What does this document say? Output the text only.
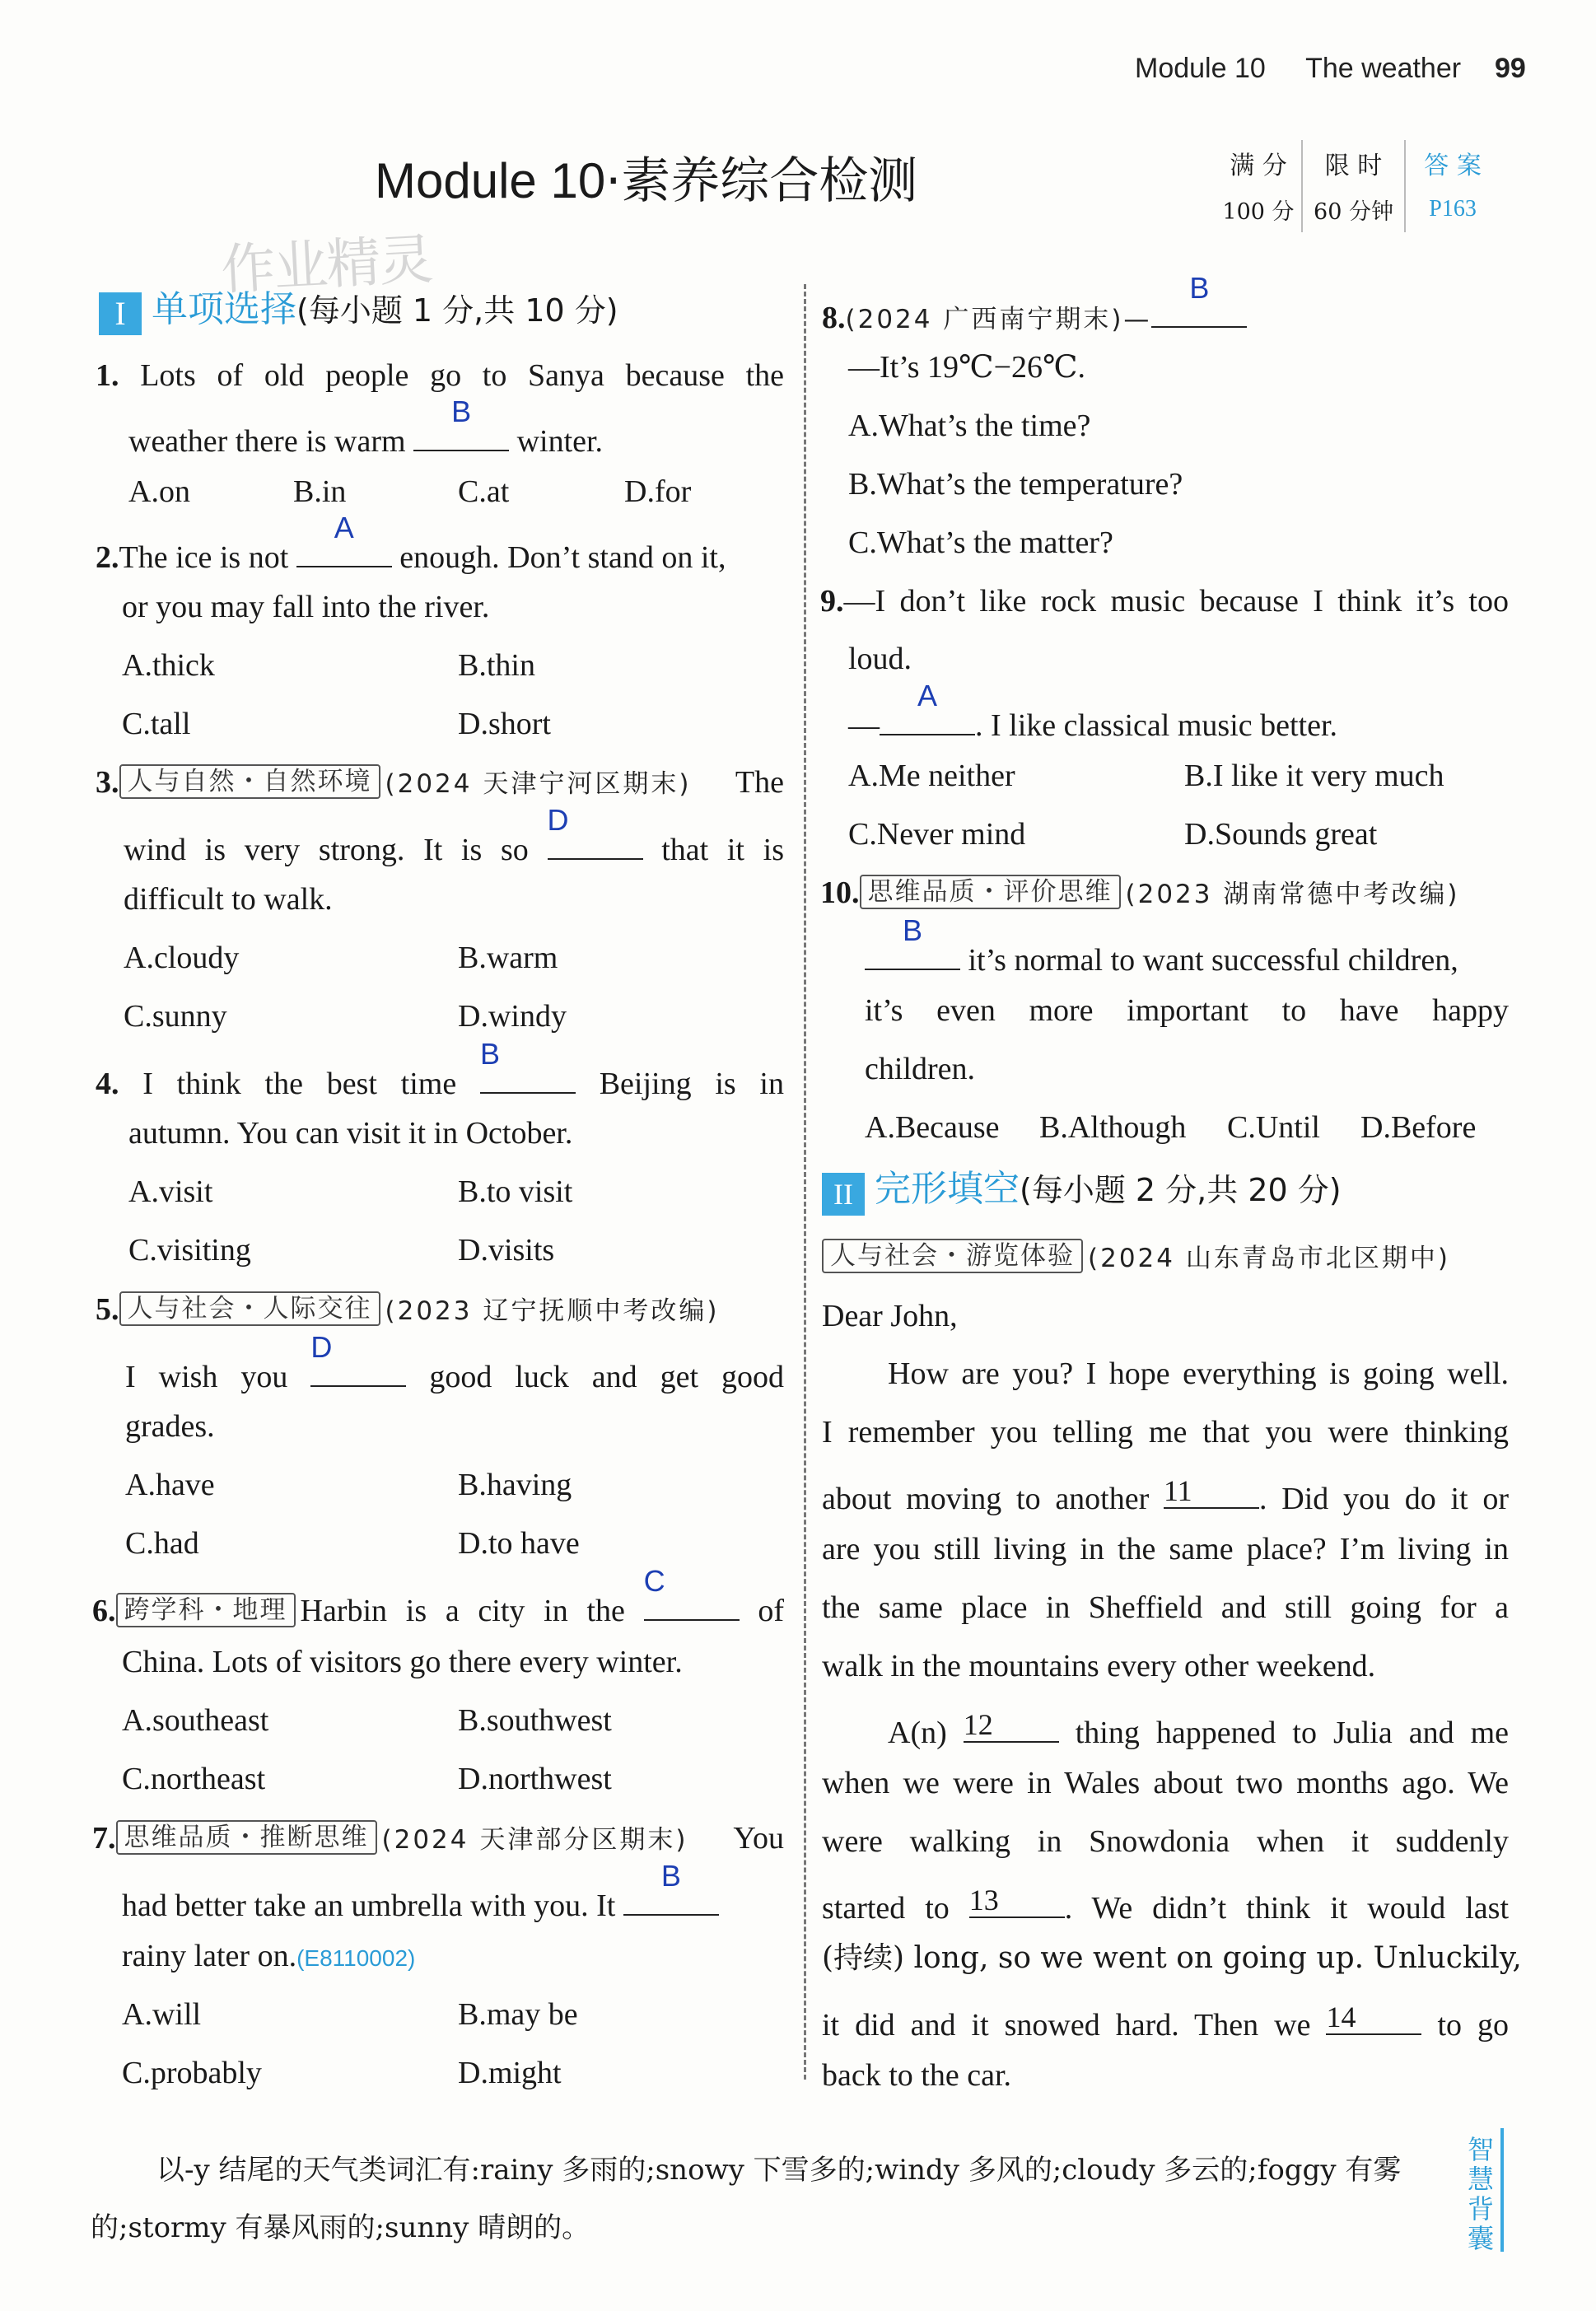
Module 10 The weather 99
Module 10·素养综合检测
作业精灵
满 分	限 时	答 案
100 分	60 分钟	P163
I 单项选择(每小题 1 分,共 10 分)
1. Lots of old people go to Sanya because the
weather there is warm
B
winter.
A.on	B.in	C.at	D.for
2.The ice is not
A
enough. Don’t stand on it,
or you may fall into the river.
A.thick	B.thin
C.tall	D.short
3. 人与自然・自然环境 (2024 天津宁河区期末) The
wind is very strong. It is so
D
that it is
difficult to walk.
A.cloudy	B.warm
C.sunny	D.windy
4. I think the best time
B
Beijing is in
autumn. You can visit it in October.
A.visit	B.to visit
C.visiting	D.visits
5. 人与社会・人际交往 (2023 辽宁抚顺中考改编)
I wish you
D
good luck and get good
grades.
A.have	B.having
C.had	D.to have
6. 跨学科・地理 Harbin is a city in the
C
of
China. Lots of visitors go there every winter.
A.southeast	B.southwest
C.northeast	D.northwest
7. 思维品质・推断思维 (2024 天津部分区期末) You
had better take an umbrella with you. It
B
rainy later on.(E8110002)
A.will	B.may be
C.probably	D.might
8.(2024 广西南宁期末)—
B
—It’s 19℃−26℃.
A.What’s the time?
B.What’s the temperature?
C.What’s the matter?
9.—I don’t like rock music because I think it’s too
loud.
—
A
. I like classical music better.
A.Me neither	B.I like it very much
C.Never mind	D.Sounds great
10. 思维品质・评价思维 (2023 湖南常德中考改编)
B
it’s normal to want successful children,
it’s even more important to have happy
children.
A.Because B.Although C.Until D.Before
II 完形填空(每小题 2 分,共 20 分)
人与社会・游览体验 (2024 山东青岛市北区期中)
Dear John,
How are you? I hope everything is going well.
I remember you telling me that you were thinking
about moving to another 11	. Did you do it or
are you still living in the same place? I’m living in
the same place in Sheffield and still going for a
walk in the mountains every other weekend.
A(n) 12	thing happened to Julia and me
when we were in Wales about two months ago. We
were walking in Snowdonia when it suddenly
started to 13	. We didn’t think it would last
(持续) long, so we went on going up. Unluckily,
it did and it snowed hard. Then we 14	to go
back to the car.
以-y 结尾的天气类词汇有:rainy 多雨的;snowy 下雪多的;windy 多风的;cloudy 多云的;foggy 有雾
的;stormy 有暴风雨的;sunny 晴朗的。
智
慧
背
囊
